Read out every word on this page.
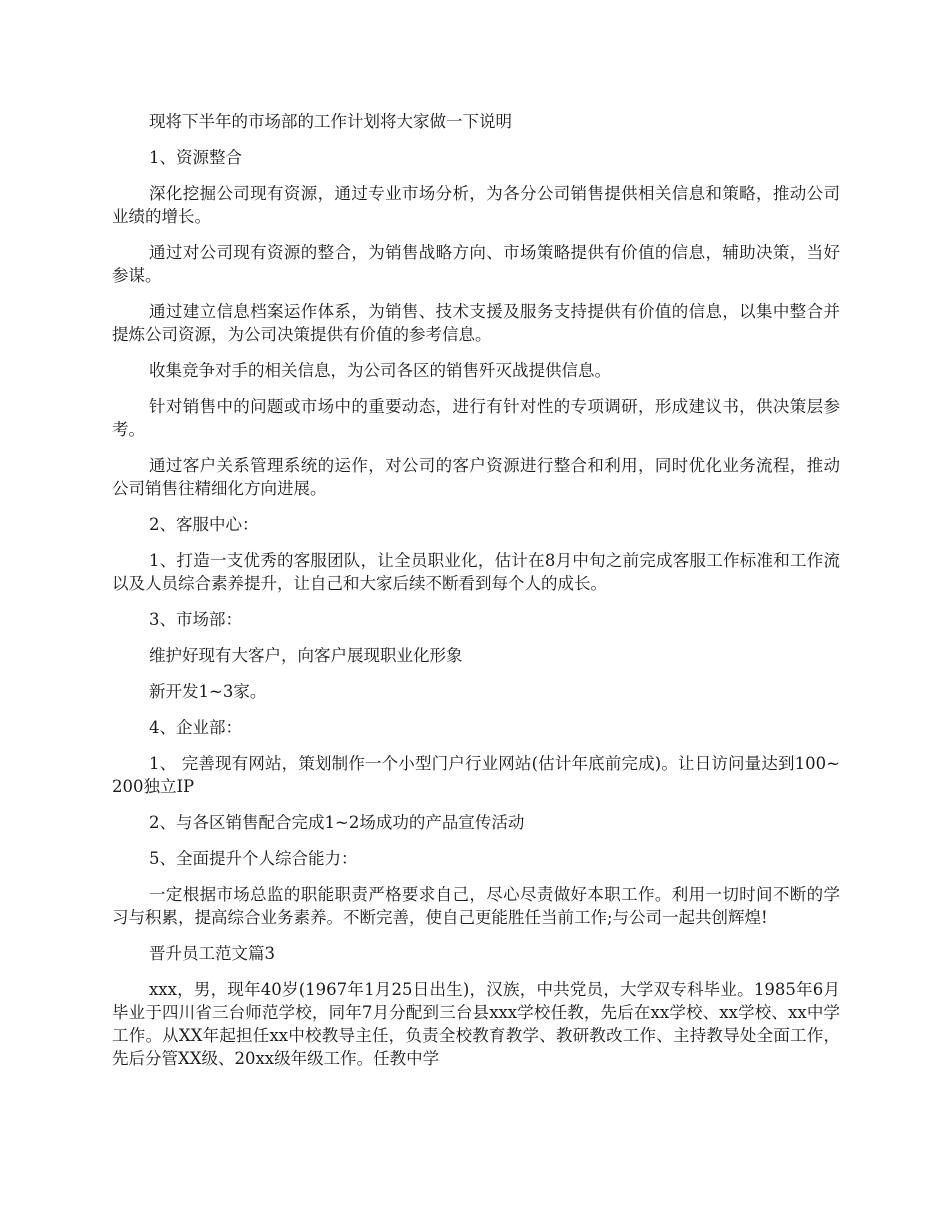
现将下半年的市场部的工作计划将大家做一下说明

1、资源整合

深化挖掘公司现有资源，通过专业市场分析，为各分公司销售提供相关信息和策略，推动公司业绩的增长。

通过对公司现有资源的整合，为销售战略方向、市场策略提供有价值的信息，辅助决策，当好参谋。

通过建立信息档案运作体系，为销售、技术支援及服务支持提供有价值的信息，以集中整合并提炼公司资源，为公司决策提供有价值的参考信息。

收集竞争对手的相关信息，为公司各区的销售歼灭战提供信息。

针对销售中的问题或市场中的重要动态，进行有针对性的专项调研，形成建议书，供决策层参考。

通过客户关系管理系统的运作，对公司的客户资源进行整合和利用，同时优化业务流程，推动公司销售往精细化方向进展。

2、客服中心：

1、打造一支优秀的客服团队，让全员职业化，估计在8月中旬之前完成客服工作标准和工作流以及人员综合素养提升，让自己和大家后续不断看到每个人的成长。

3、市场部：

维护好现有大客户，向客户展现职业化形象

新开发1~3家。

4、企业部：

1、 完善现有网站，策划制作一个小型门户行业网站(估计年底前完成)。让日访问量达到100~200独立IP

2、与各区销售配合完成1~2场成功的产品宣传活动

5、全面提升个人综合能力：

一定根据市场总监的职能职责严格要求自己，尽心尽责做好本职工作。利用一切时间不断的学习与积累，提高综合业务素养。不断完善，使自己更能胜任当前工作;与公司一起共创辉煌!

晋升员工范文篇3

xxx，男，现年40岁(1967年1月25日出生)，汉族，中共党员，大学双专科毕业。1985年6月毕业于四川省三台师范学校，同年7月分配到三台县xxx学校任教，先后在xx学校、xx学校、xx中学工作。从XX年起担任xx中校教导主任，负责全校教育教学、教研教改工作、主持教导处全面工作，先后分管XX级、20xx级年级工作。任教中学
